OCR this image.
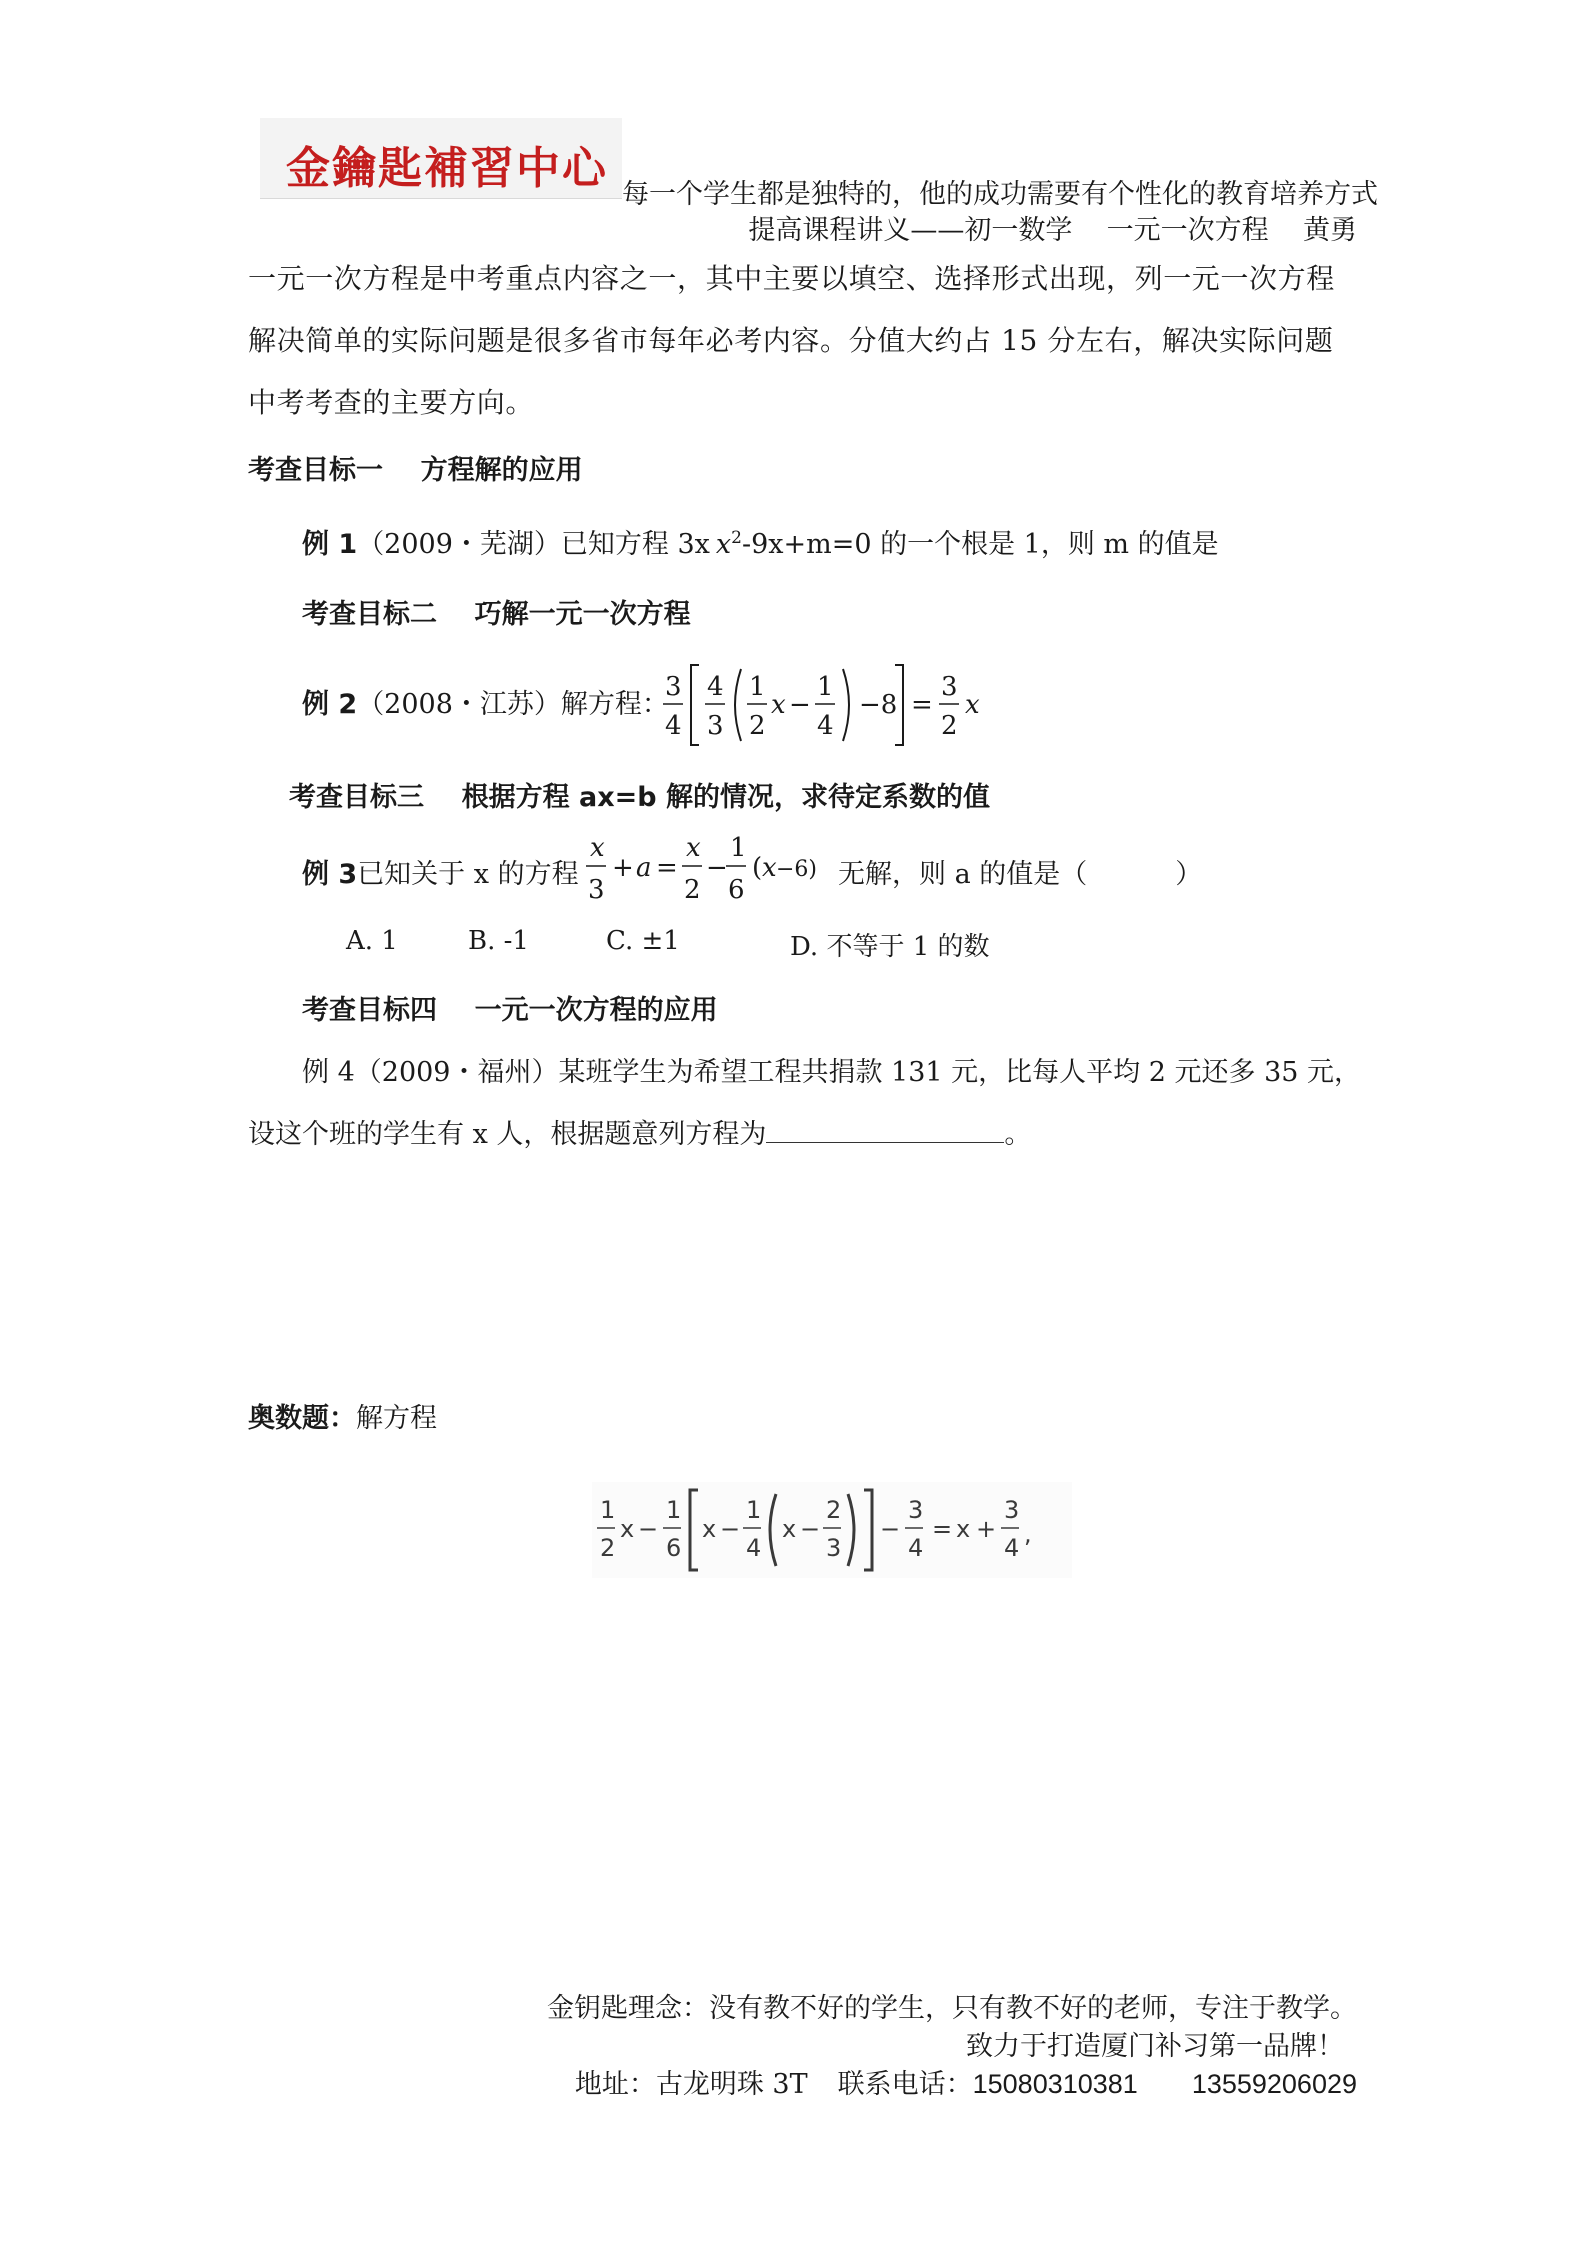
金鑰匙補習中心
每一个学生都是独特的，他的成功需要有个性化的教育培养方式
提高课程讲义——初一数学    一元一次方程    黄勇
一元一次方程是中考重点内容之一，其中主要以填空、选择形式出现，列一元一次方程解决简单的实际问题是很多省市每年必考内容。分值大约占 15 分左右，解决实际问题中考考查的主要方向。
考查目标一    方程解的应用
例 1（2009・芜湖）已知方程 3x $x^2-9x+m=0$ 的一个根是 1，则 m 的值是
考查目标二    巧解一元一次方程
例 2（2008・江苏）解方程：
3
4
4
3
1
2
x −
1
4
−8 =
3
2
x
考查目标三    根据方程 ax=b 解的情况，求待定系数的值
例 3已知关于 x 的方程
x
3
+ a =
x
2
−
1
6
( x −6) 无解，则 a 的值是（	）
A. 1	B. -1	C. ±1	D. 不等于 1 的数
考查目标四    一元一次方程的应用
例 4（2009・福州）某班学生为希望工程共捐款 131 元，比每人平均 2 元还多 35 元，
设这个班的学生有 x 人，根据题意列方程为	。
奥数题：解方程
1
2
x −
1
6
x −
1
4
x −
2
3
−
3
4
= x +
3
4 ,
金钥匙理念：没有教不好的学生，只有教不好的老师，专注于教学。
致力于打造厦门补习第一品牌！
地址：古龙明珠 3T 联系电话：15080310381 13559206029
